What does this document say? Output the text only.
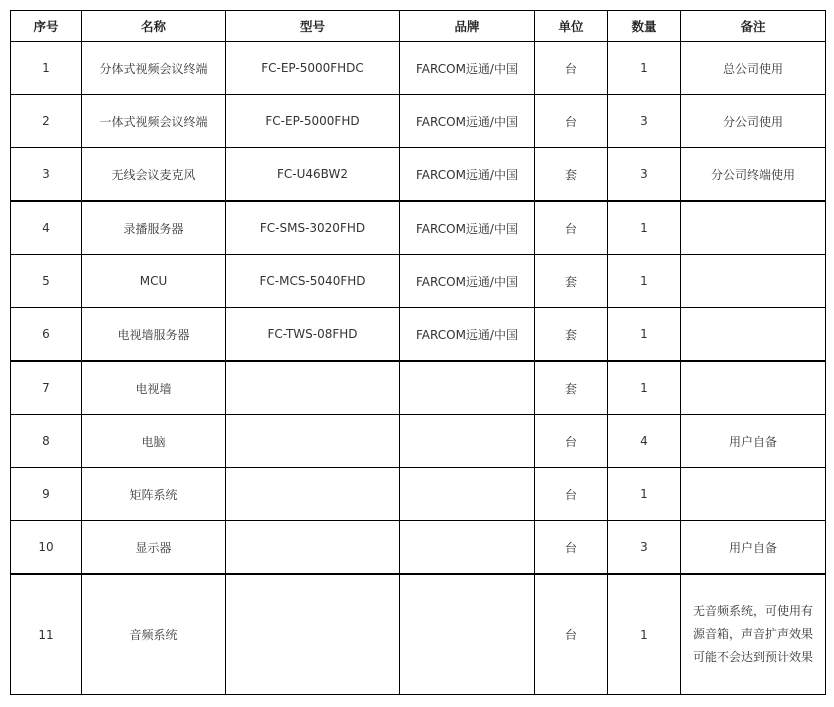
序号	名称	型号	品牌	单位	数量	备注
1	分体式视频会议终端	FC-EP-5000FHDC	FARCOM远通/中国	台	1	总公司使用
2	一体式视频会议终端	FC-EP-5000FHD	FARCOM远通/中国	台	3	分公司使用
3	无线会议麦克风	FC-U46BW2	FARCOM远通/中国	套	3	分公司终端使用
4	录播服务器	FC-SMS-3020FHD	FARCOM远通/中国	台	1	
5	MCU	FC-MCS-5040FHD	FARCOM远通/中国	套	1	
6	电视墙服务器	FC-TWS-08FHD	FARCOM远通/中国	套	1	
7	电视墙			套	1	
8	电脑			台	4	用户自备
9	矩阵系统			台	1	
10	显示器			台	3	用户自备
11	音频系统			台	1	无音频系统，可使用有源音箱，声音扩声效果可能不会达到预计效果
